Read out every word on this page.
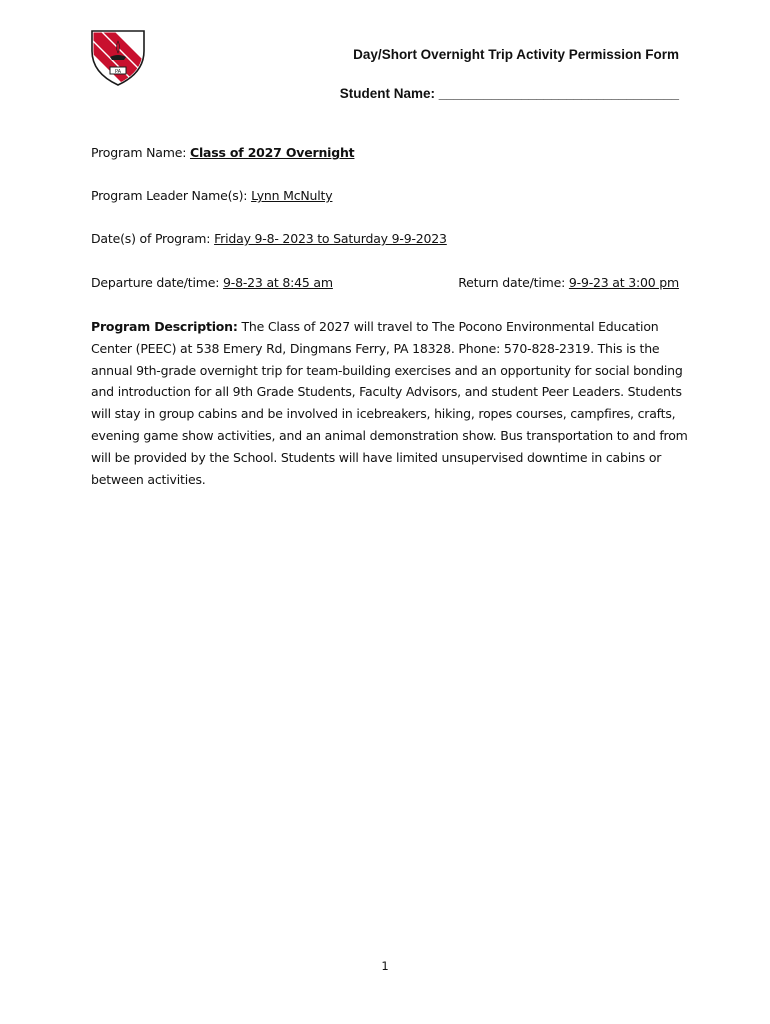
PA
Day/Short Overnight Trip Activity Permission Form
Student Name: ________________________________
Program Name: Class of 2027 Overnight
Program Leader Name(s): Lynn McNulty
Date(s) of Program: Friday 9-8- 2023 to Saturday 9-9-2023
Departure date/time: 9-8-23 at 8:45 am	Return date/time: 9-9-23 at 3:00 pm
Program Description: The Class of 2027 will travel to The Pocono Environmental Education Center (PEEC) at 538 Emery Rd, Dingmans Ferry, PA 18328. Phone: 570-828-2319. This is the annual 9th-grade overnight trip for team-building exercises and an opportunity for social bonding and introduction for all 9th Grade Students, Faculty Advisors, and student Peer Leaders. Students will stay in group cabins and be involved in icebreakers, hiking, ropes courses, campfires, crafts, evening game show activities, and an animal demonstration show. Bus transportation to and from will be provided by the School. Students will have limited unsupervised downtime in cabins or between activities.
1
